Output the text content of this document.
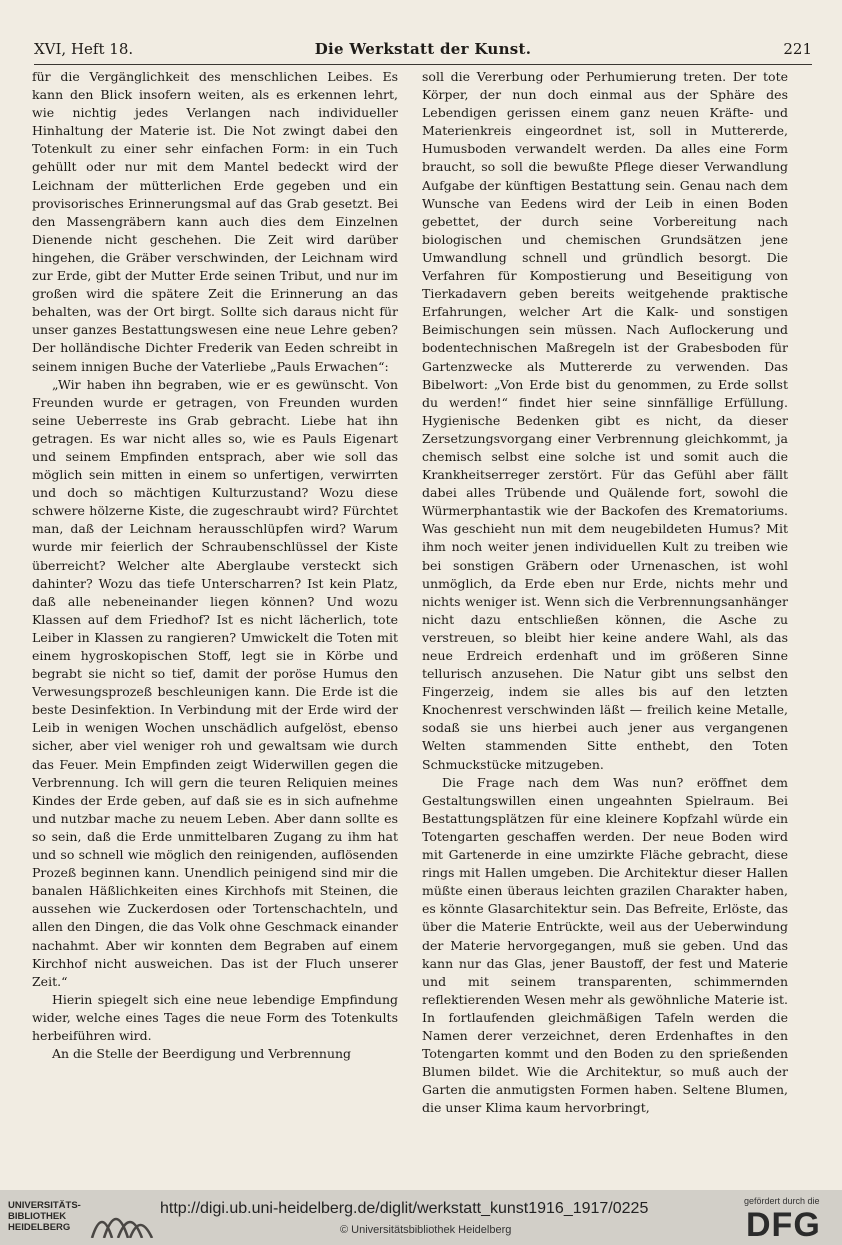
XVI, Heft 18.	Die Werkstatt der Kunst.	221

für die Vergänglichkeit des menschlichen Leibes. Es kann den Blick insofern weiten, als es erkennen lehrt, wie nichtig jedes Verlangen nach individueller Hinhaltung der Materie ist. Die Not zwingt dabei den Totenkult zu einer sehr einfachen Form: in ein Tuch gehüllt oder nur mit dem Mantel bedeckt wird der Leichnam der mütterlichen Erde gegeben und ein provisorisches Erinnerungsmal auf das Grab gesetzt. Bei den Massengräbern kann auch dies dem Einzelnen Dienende nicht geschehen. Die Zeit wird darüber hingehen, die Gräber verschwinden, der Leichnam wird zur Erde, gibt der Mutter Erde seinen Tribut, und nur im großen wird die spätere Zeit die Erinnerung an das behalten, was der Ort birgt. Sollte sich daraus nicht für unser ganzes Bestattungswesen eine neue Lehre geben? Der holländische Dichter Frederik van Eeden schreibt in seinem innigen Buche der Vaterliebe „Pauls Erwachen“:

„Wir haben ihn begraben, wie er es gewünscht. Von Freunden wurde er getragen, von Freunden wurden seine Ueberreste ins Grab gebracht. Liebe hat ihn getragen. Es war nicht alles so, wie es Pauls Eigenart und seinem Empfinden entsprach, aber wie soll das möglich sein mitten in einem so unfertigen, verwirrten und doch so mächtigen Kulturzustand? Wozu diese schwere hölzerne Kiste, die zugeschraubt wird? Fürchtet man, daß der Leichnam herausschlüpfen wird? Warum wurde mir feierlich der Schraubenschlüssel der Kiste überreicht? Welcher alte Aberglaube versteckt sich dahinter? Wozu das tiefe Unterscharren? Ist kein Platz, daß alle nebeneinander liegen können? Und wozu Klassen auf dem Friedhof? Ist es nicht lächerlich, tote Leiber in Klassen zu rangieren? Umwickelt die Toten mit einem hygroskopischen Stoff, legt sie in Körbe und begrabt sie nicht so tief, damit der poröse Humus den Verwesungsprozeß beschleunigen kann. Die Erde ist die beste Desinfektion. In Verbindung mit der Erde wird der Leib in wenigen Wochen unschädlich aufgelöst, ebenso sicher, aber viel weniger roh und gewaltsam wie durch das Feuer. Mein Empfinden zeigt Widerwillen gegen die Verbrennung. Ich will gern die teuren Reliquien meines Kindes der Erde geben, auf daß sie es in sich aufnehme und nutzbar mache zu neuem Leben. Aber dann sollte es so sein, daß die Erde unmittelbaren Zugang zu ihm hat und so schnell wie möglich den reinigenden, auflösenden Prozeß beginnen kann. Unendlich peinigend sind mir die banalen Häßlichkeiten eines Kirchhofs mit Steinen, die aussehen wie Zuckerdosen oder Tortenschachteln, und allen den Dingen, die das Volk ohne Geschmack einander nachahmt. Aber wir konnten dem Begraben auf einem Kirchhof nicht ausweichen. Das ist der Fluch unserer Zeit.“

Hierin spiegelt sich eine neue lebendige Empfindung wider, welche eines Tages die neue Form des Totenkults herbeiführen wird.

An die Stelle der Beerdigung und Verbrennung

soll die Vererbung oder Perhumierung treten. Der tote Körper, der nun doch einmal aus der Sphäre des Lebendigen gerissen einem ganz neuen Kräfte- und Materienkreis eingeordnet ist, soll in Muttererde, Humusboden verwandelt werden. Da alles eine Form braucht, so soll die bewußte Pflege dieser Verwandlung Aufgabe der künftigen Bestattung sein. Genau nach dem Wunsche van Eedens wird der Leib in einen Boden gebettet, der durch seine Vorbereitung nach biologischen und chemischen Grundsätzen jene Umwandlung schnell und gründlich besorgt. Die Verfahren für Kompostierung und Beseitigung von Tierkadavern geben bereits weitgehende praktische Erfahrungen, welcher Art die Kalk- und sonstigen Beimischungen sein müssen. Nach Auflockerung und bodentechnischen Maßregeln ist der Grabesboden für Gartenzwecke als Muttererde zu verwenden. Das Bibelwort: „Von Erde bist du genommen, zu Erde sollst du werden!“ findet hier seine sinnfällige Erfüllung. Hygienische Bedenken gibt es nicht, da dieser Zersetzungsvorgang einer Verbrennung gleichkommt, ja chemisch selbst eine solche ist und somit auch die Krankheitserreger zerstört. Für das Gefühl aber fällt dabei alles Trübende und Quälende fort, sowohl die Würmerphantastik wie der Backofen des Krematoriums. Was geschieht nun mit dem neugebildeten Humus? Mit ihm noch weiter jenen individuellen Kult zu treiben wie bei sonstigen Gräbern oder Urnenaschen, ist wohl unmöglich, da Erde eben nur Erde, nichts mehr und nichts weniger ist. Wenn sich die Verbrennungsanhänger nicht dazu entschließen können, die Asche zu verstreuen, so bleibt hier keine andere Wahl, als das neue Erdreich erdenhaft und im größeren Sinne tellurisch anzusehen. Die Natur gibt uns selbst den Fingerzeig, indem sie alles bis auf den letzten Knochenrest verschwinden läßt — freilich keine Metalle, sodaß sie uns hierbei auch jener aus vergangenen Welten stammenden Sitte enthebt, den Toten Schmuckstücke mitzugeben.

Die Frage nach dem Was nun? eröffnet dem Gestaltungswillen einen ungeahnten Spielraum. Bei Bestattungsplätzen für eine kleinere Kopfzahl würde ein Totengarten geschaffen werden. Der neue Boden wird mit Gartenerde in eine umzirkte Fläche gebracht, diese rings mit Hallen umgeben. Die Architektur dieser Hallen müßte einen überaus leichten grazilen Charakter haben, es könnte Glasarchitektur sein. Das Befreite, Erlöste, das über die Materie Entrückte, weil aus der Ueberwindung der Materie hervorgegangen, muß sie geben. Und das kann nur das Glas, jener Baustoff, der fest und Materie und mit seinem transparenten, schimmernden reflektierenden Wesen mehr als gewöhnliche Materie ist. In fortlaufenden gleichmäßigen Tafeln werden die Namen derer verzeichnet, deren Erdenhaftes in den Totengarten kommt und den Boden zu den sprießenden Blumen bildet. Wie die Architektur, so muß auch der Garten die anmutigsten Formen haben. Seltene Blumen, die unser Klima kaum hervorbringt,

UNIVERSITÄTS-
BIBLIOTHEK
HEIDELBERG
http://digi.ub.uni-heidelberg.de/diglit/werkstatt_kunst1916_1917/0225
© Universitätsbibliothek Heidelberg
gefördert durch die
DFG
